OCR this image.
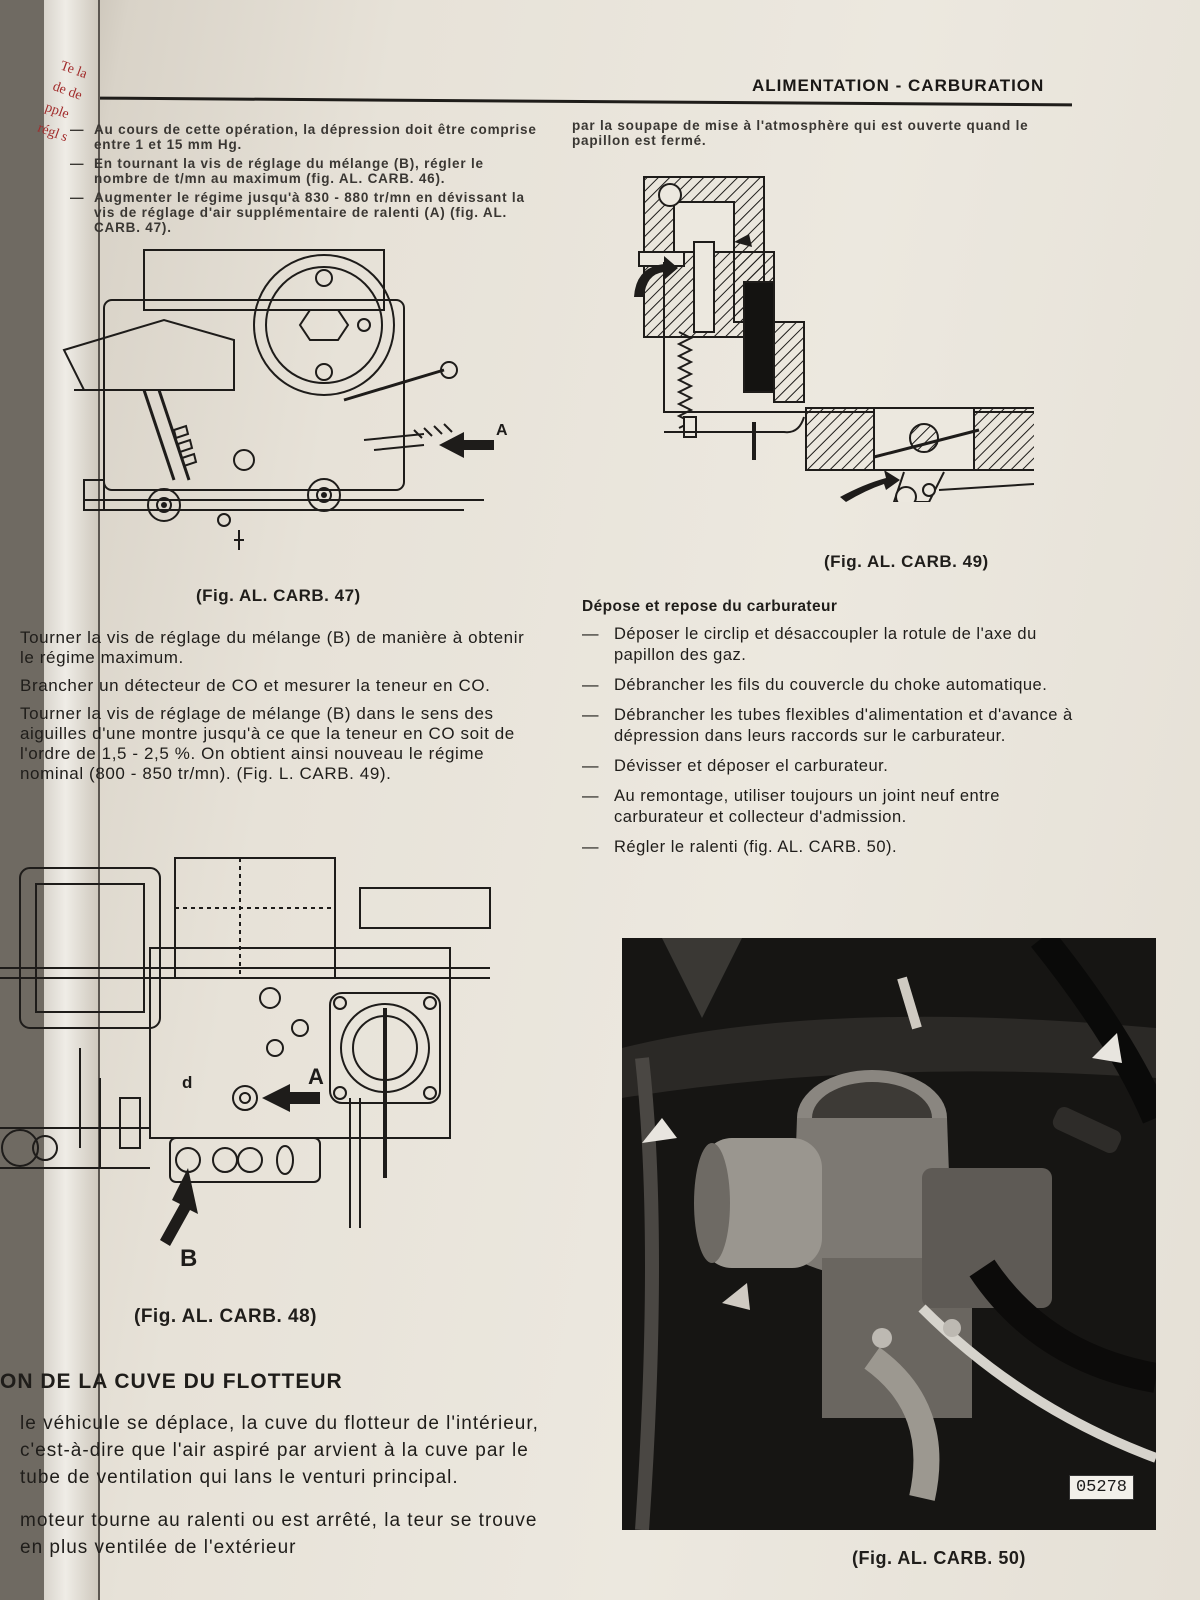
Te la de de pple régl s
ALIMENTATION - CARBURATION
— Au cours de cette opération, la dépression doit être comprise entre 1 et 15 mm Hg.
— En tournant la vis de réglage du mélange (B), régler le nombre de t/mn au maximum (fig. AL. CARB. 46).
— Augmenter le régime jusqu'à 830 - 880 tr/mn en dévissant la vis de réglage d'air supplémentaire de ralenti (A) (fig. AL. CARB. 47).
A
(Fig. AL. CARB. 47)

Tourner la vis de réglage du mélange (B) de manière à obtenir le régime maximum.

Brancher un détecteur de CO et mesurer la teneur en CO.

Tourner la vis de réglage de mélange (B) dans le sens des aiguilles d'une montre jusqu'à ce que la teneur en CO soit de l'ordre de 1,5 - 2,5 %. On obtient ainsi nouveau le régime nominal (800 - 850 tr/mn). (Fig. L. CARB. 49).

d	A
B
(Fig. AL. CARB. 48)
ON DE LA CUVE DU FLOTTEUR

le véhicule se déplace, la cuve du flotteur de l'intérieur, c'est-à-dire que l'air aspiré par arvient à la cuve par le tube de ventilation qui lans le venturi principal.

moteur tourne au ralenti ou est arrêté, la teur se trouve en plus ventilée de l'extérieur

par la soupape de mise à l'atmosphère qui est ouverte quand le papillon est fermé.
(Fig. AL. CARB. 49)
Dépose et repose du carburateur
— Déposer le circlip et désaccoupler la rotule de l'axe du papillon des gaz.
— Débrancher les fils du couvercle du choke automatique.
— Débrancher les tubes flexibles d'alimentation et d'avance à dépression dans leurs raccords sur le carburateur.
— Dévisser et déposer el carburateur.
— Au remontage, utiliser toujours un joint neuf entre carburateur et collecteur d'admission.
— Régler le ralenti (fig. AL. CARB. 50).
05278
(Fig. AL. CARB. 50)
